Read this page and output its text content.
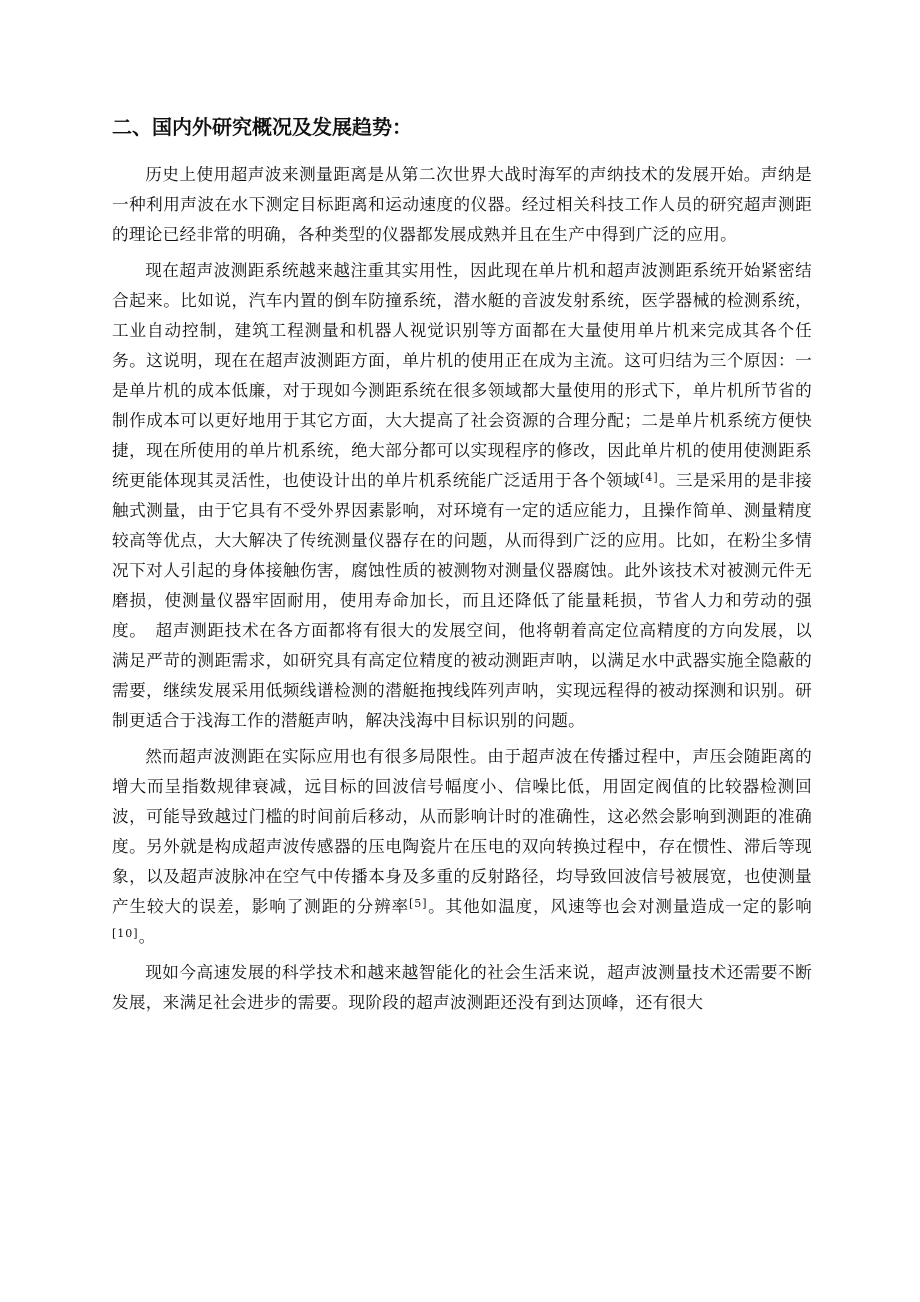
二、国内外研究概况及发展趋势：

历史上使用超声波来测量距离是从第二次世界大战时海军的声纳技术的发展开始。声纳是一种利用声波在水下测定目标距离和运动速度的仪器。经过相关科技工作人员的研究超声测距的理论已经非常的明确，各种类型的仪器都发展成熟并且在生产中得到广泛的应用。

现在超声波测距系统越来越注重其实用性，因此现在单片机和超声波测距系统开始紧密结合起来。比如说，汽车内置的倒车防撞系统，潜水艇的音波发射系统，医学器械的检测系统，工业自动控制，建筑工程测量和机器人视觉识别等方面都在大量使用单片机来完成其各个任务。这说明，现在在超声波测距方面，单片机的使用正在成为主流。这可归结为三个原因：一是单片机的成本低廉，对于现如今测距系统在很多领域都大量使用的形式下，单片机所节省的制作成本可以更好地用于其它方面，大大提高了社会资源的合理分配；二是单片机系统方便快捷，现在所使用的单片机系统，绝大部分都可以实现程序的修改，因此单片机的使用使测距系统更能体现其灵活性，也使设计出的单片机系统能广泛适用于各个领域[4]。三是采用的是非接触式测量，由于它具有不受外界因素影响，对环境有一定的适应能力，且操作简单、测量精度较高等优点，大大解决了传统测量仪器存在的问题，从而得到广泛的应用。比如，在粉尘多情况下对人引起的身体接触伤害，腐蚀性质的被测物对测量仪器腐蚀。此外该技术对被测元件无磨损，使测量仪器牢固耐用，使用寿命加长，而且还降低了能量耗损，节省人力和劳动的强度。　超声测距技术在各方面都将有很大的发展空间，他将朝着高定位高精度的方向发展，以满足严苛的测距需求，如研究具有高定位精度的被动测距声呐，以满足水中武器实施全隐蔽的需要，继续发展采用低频线谱检测的潜艇拖拽线阵列声呐，实现远程得的被动探测和识别。研制更适合于浅海工作的潜艇声呐，解决浅海中目标识别的问题。

然而超声波测距在实际应用也有很多局限性。由于超声波在传播过程中，声压会随距离的增大而呈指数规律衰减，远目标的回波信号幅度小、信噪比低，用固定阀值的比较器检测回波，可能导致越过门槛的时间前后移动，从而影响计时的准确性，这必然会影响到测距的准确度。另外就是构成超声波传感器的压电陶瓷片在压电的双向转换过程中，存在惯性、滞后等现象，以及超声波脉冲在空气中传播本身及多重的反射路径，均导致回波信号被展宽，也使测量产生较大的误差，影响了测距的分辨率[5]。其他如温度，风速等也会对测量造成一定的影响[10]。

现如今高速发展的科学技术和越来越智能化的社会生活来说，超声波测量技术还需要不断发展，来满足社会进步的需要。现阶段的超声波测距还没有到达顶峰，还有很大
